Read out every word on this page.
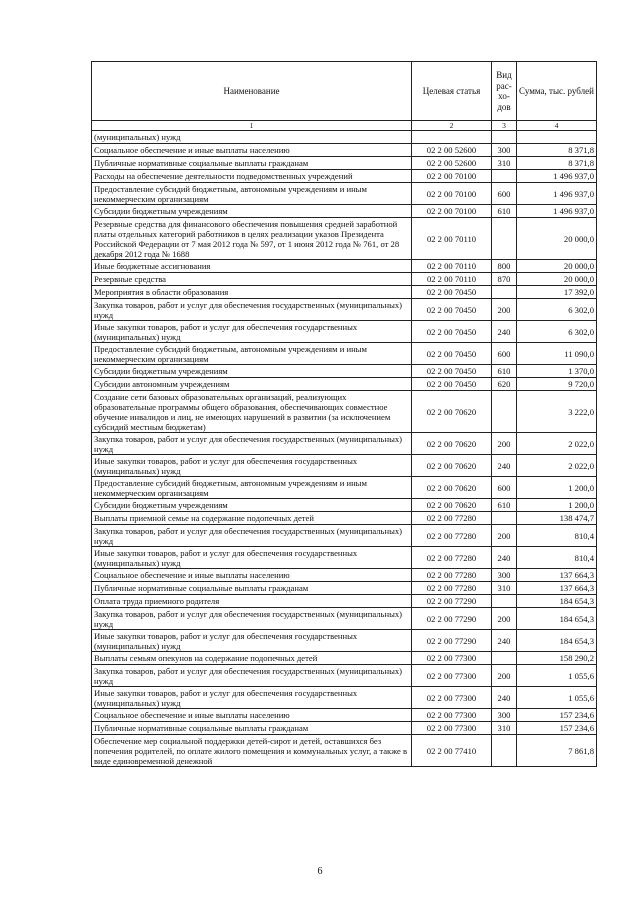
Наименование	Целевая статья	Вид рас-хо-дов	Сумма, тыс. рублей
1	2	3	4
(муниципальных) нужд			
Социальное обеспечение и иные выплаты населению	02 2 00 52600	300	8 371,8
Публичные нормативные социальные выплаты гражданам	02 2 00 52600	310	8 371,8
Расходы на обеспечение деятельности подведомственных учреждений	02 2 00 70100		1 496 937,0
Предоставление субсидий бюджетным, автономным учреждениям и иным некоммерческим организациям	02 2 00 70100	600	1 496 937,0
Субсидии бюджетным учреждениям	02 2 00 70100	610	1 496 937,0
Резервные средства для финансового обеспечения повышения средней заработной платы отдельных категорий работников в целях реализации указов Президента Российской Федерации от 7 мая 2012 года № 597, от 1 июня 2012 года № 761, от 28 декабря 2012 года № 1688	02 2 00 70110		20 000,0
Иные бюджетные ассигнования	02 2 00 70110	800	20 000,0
Резервные средства	02 2 00 70110	870	20 000,0
Мероприятия в области образования	02 2 00 70450		17 392,0
Закупка товаров, работ и услуг для обеспечения государственных (муниципальных) нужд	02 2 00 70450	200	6 302,0
Иные закупки товаров, работ и услуг для обеспечения государственных (муниципальных) нужд	02 2 00 70450	240	6 302,0
Предоставление субсидий бюджетным, автономным учреждениям и иным некоммерческим организациям	02 2 00 70450	600	11 090,0
Субсидии бюджетным учреждениям	02 2 00 70450	610	1 370,0
Субсидии автономным учреждениям	02 2 00 70450	620	9 720,0
Создание сети базовых образовательных организаций, реализующих образовательные программы общего образования, обеспечивающих совместное обучение инвалидов и лиц, не имеющих нарушений в развитии (за исключением субсидий местным бюджетам)	02 2 00 70620		3 222,0
Закупка товаров, работ и услуг для обеспечения государственных (муниципальных) нужд	02 2 00 70620	200	2 022,0
Иные закупки товаров, работ и услуг для обеспечения государственных (муниципальных) нужд	02 2 00 70620	240	2 022,0
Предоставление субсидий бюджетным, автономным учреждениям и иным некоммерческим организациям	02 2 00 70620	600	1 200,0
Субсидии бюджетным учреждениям	02 2 00 70620	610	1 200,0
Выплаты приемной семье на содержание подопечных детей	02 2 00 77280		138 474,7
Закупка товаров, работ и услуг для обеспечения государственных (муниципальных) нужд	02 2 00 77280	200	810,4
Иные закупки товаров, работ и услуг для обеспечения государственных (муниципальных) нужд	02 2 00 77280	240	810,4
Социальное обеспечение и иные выплаты населению	02 2 00 77280	300	137 664,3
Публичные нормативные социальные выплаты гражданам	02 2 00 77280	310	137 664,3
Оплата труда приемного родителя	02 2 00 77290		184 654,3
Закупка товаров, работ и услуг для обеспечения государственных (муниципальных) нужд	02 2 00 77290	200	184 654,3
Иные закупки товаров, работ и услуг для обеспечения государственных (муниципальных) нужд	02 2 00 77290	240	184 654,3
Выплаты семьям опекунов на содержание подопечных детей	02 2 00 77300		158 290,2
Закупка товаров, работ и услуг для обеспечения государственных (муниципальных) нужд	02 2 00 77300	200	1 055,6
Иные закупки товаров, работ и услуг для обеспечения государственных (муниципальных) нужд	02 2 00 77300	240	1 055,6
Социальное обеспечение и иные выплаты населению	02 2 00 77300	300	157 234,6
Публичные нормативные социальные выплаты гражданам	02 2 00 77300	310	157 234,6
Обеспечение мер социальной поддержки детей-сирот и детей, оставшихся без попечения родителей, по оплате жилого помещения и коммунальных услуг, а также в виде единовременной денежной	02 2 00 77410		7 861,8
6
